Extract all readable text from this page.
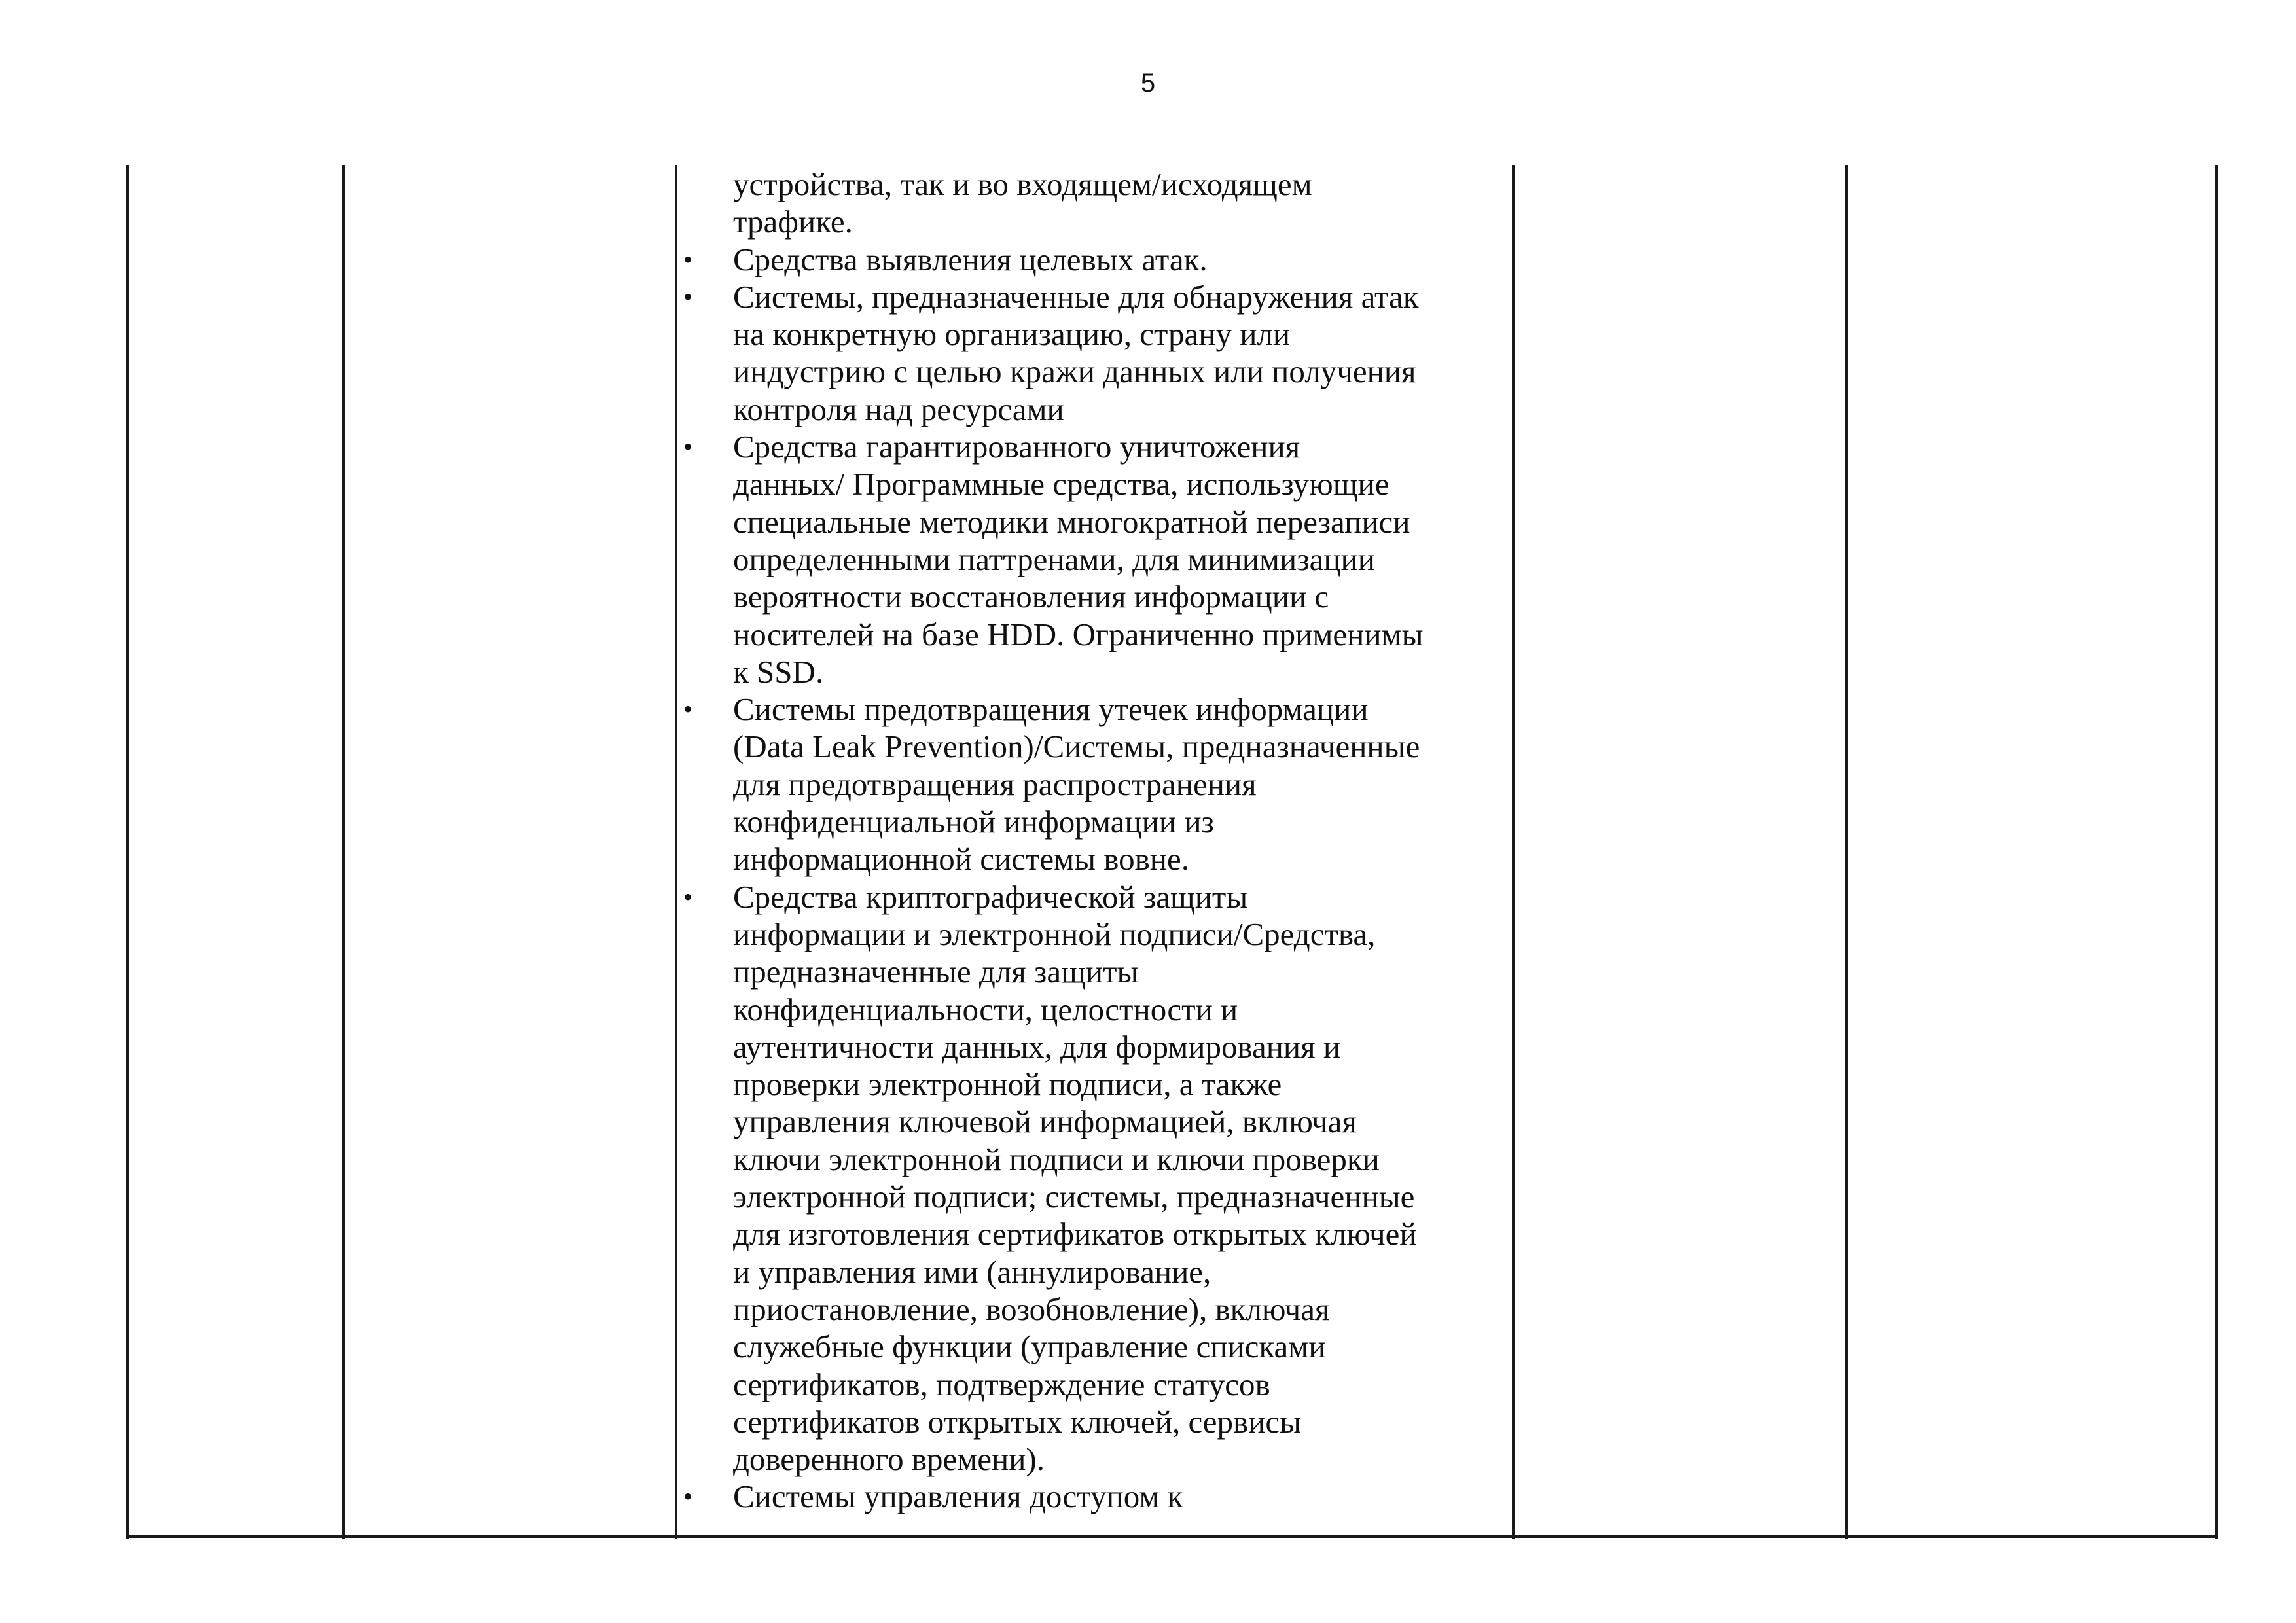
5
устройства, так и во входящем/исходящем
трафике.
• Средства выявления целевых атак.
• Системы, предназначенные для обнаружения атак
на конкретную организацию, страну или
индустрию с целью кражи данных или получения
контроля над ресурсами
• Средства гарантированного уничтожения
данных/ Программные средства, использующие
специальные методики многократной перезаписи
определенными паттренами, для минимизации
вероятности восстановления информации с
носителей на базе HDD. Ограниченно применимы
к SSD.
• Системы предотвращения утечек информации
(Data Leak Prevention)/Системы, предназначенные
для предотвращения распространения
конфиденциальной информации из
информационной системы вовне.
• Средства криптографической защиты
информации и электронной подписи/Средства,
предназначенные для защиты
конфиденциальности, целостности и
аутентичности данных, для формирования и
проверки электронной подписи, а также
управления ключевой информацией, включая
ключи электронной подписи и ключи проверки
электронной подписи; системы, предназначенные
для изготовления сертификатов открытых ключей
и управления ими (аннулирование,
приостановление, возобновление), включая
служебные функции (управление списками
сертификатов, подтверждение статусов
сертификатов открытых ключей, сервисы
доверенного времени).
• Системы управления доступом к
